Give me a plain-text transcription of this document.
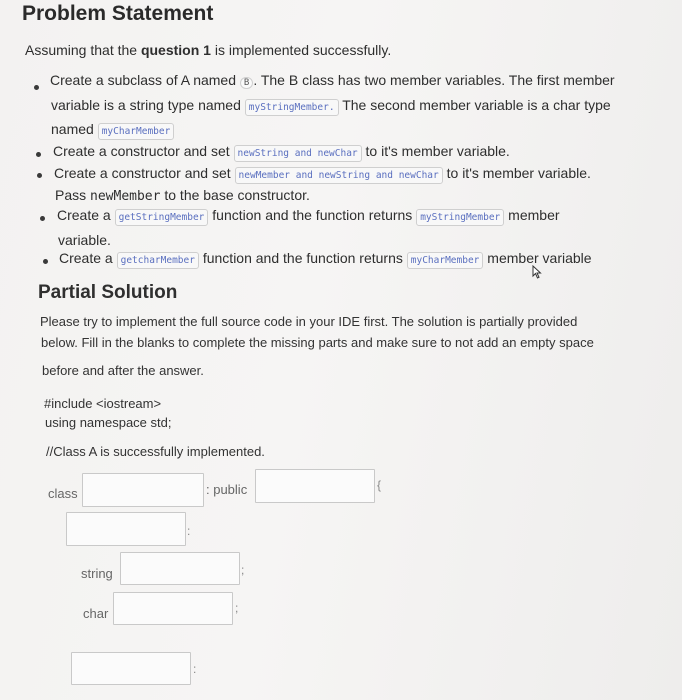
Problem Statement
Assuming that the question 1 is implemented successfully.
Create a subclass of A named B . The B class has two member variables. The first member
variable is a string type named myStringMember. The second member variable is a char type
named myCharMember
Create a constructor and set newString and newChar to it's member variable.
Create a constructor and set newMember and newString and newChar to it's member variable.
Pass newMember to the base constructor.
Create a getStringMember function and the function returns myStringMember member
variable.
Create a getcharMember function and the function returns myCharMember member variable
Partial Solution
Please try to implement the full source code in your IDE first. The solution is partially provided
below. Fill in the blanks to complete the missing parts and make sure to not add an empty space
before and after the answer.
#include <iostream>
using namespace std;
//Class A is successfully implemented.
class	: public	{
:
string	;
char	;
:
